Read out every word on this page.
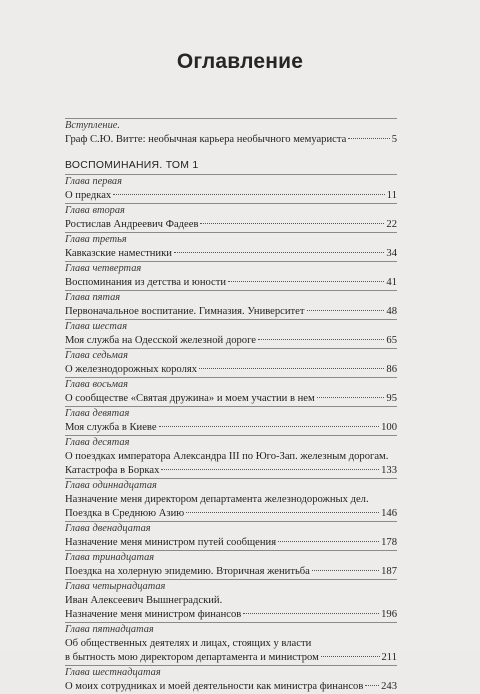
Оглавление
Вступление.
Граф С.Ю. Витте: необычная карьера необычного мемуариста	5
ВОСПОМИНАНИЯ. ТОМ 1
Глава первая
О предках	11
Глава вторая
Ростислав Андреевич Фадеев	22
Глава третья
Кавказские наместники	34
Глава четвертая
Воспоминания из детства и юности	41
Глава пятая
Первоначальное воспитание. Гимназия. Университет	48
Глава шестая
Моя служба на Одесской железной дороге	65
Глава седьмая
О железнодорожных королях	86
Глава восьмая
О сообществе «Святая дружина» и моем участии в нем	95
Глава девятая
Моя служба в Киеве	100
Глава десятая
О поездках императора Александра III по Юго-Зап. железным дорогам.
Катастрофа в Борках	133
Глава одиннадцатая
Назначение меня директором департамента железнодорожных дел.
Поездка в Среднюю Азию	146
Глава двенадцатая
Назначение меня министром путей сообщения	178
Глава тринадцатая
Поездка на холерную эпидемию. Вторичная женитьба	187
Глава четырнадцатая
Иван Алексеевич Вышнеградский.
Назначение меня министром финансов	196
Глава пятнадцатая
Об общественных деятелях и лицах, стоящих у власти
в бытность мою директором департамента и министром	211
Глава шестнадцатая
О моих сотрудниках и моей деятельности как министра финансов 243
